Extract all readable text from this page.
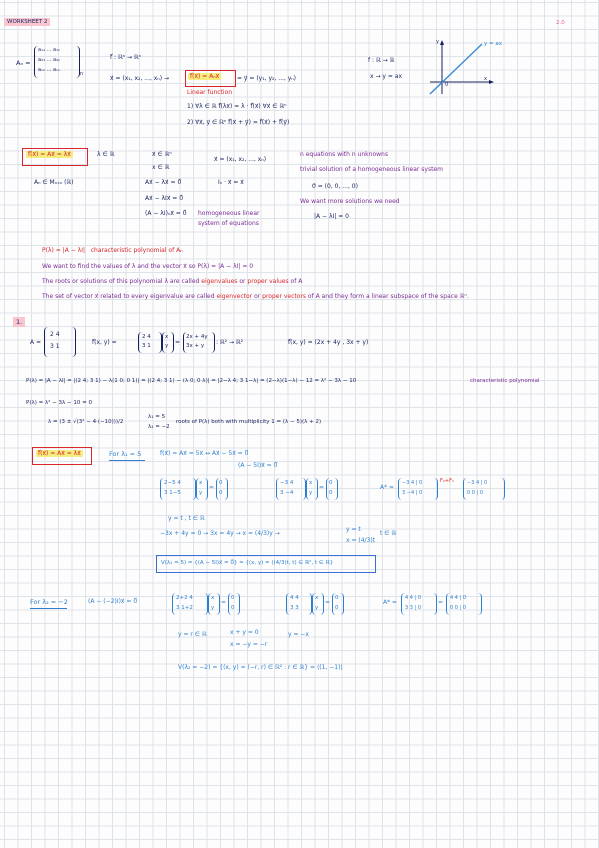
WORKSHEET 2	2.0
Aₙ =
a₁₁ ... a₁ₙ
a₂₁ ... a₂ₙ
aₙ₁ ... aₙₙ
n
f⃗ : ℝⁿ → ℝⁿ
x⃗ = (x₁, x₂, ..., xₙ) →	f⃗(x⃗) = Aₙx⃗	= y⃗ = (y₁, y₂, ..., yₙ)
Linear function
1) ∀λ ∈ ℝ f⃗(λx⃗) = λ · f⃗(x⃗) ∀x⃗ ∈ ℝⁿ
2) ∀x⃗, y⃗ ∈ ℝⁿ f⃗(x⃗ + y⃗) = f⃗(x⃗) + f⃗(y⃗)
f : ℝ → ℝ
x → y = ax
y
x
0
y = ax
f⃗(x⃗) = Ax⃗ = λx⃗	λ ∈ ℝ	x⃗ ∈ ℝⁿ
x ∈ ℝ
x⃗ = (x₁, x₂, ..., xₙ)
Aₙ ∈ Mₙₓₙ (ℝ)	Ax⃗ − λx⃗ = 0⃗	Iₙ · x⃗ = x⃗
Ax⃗ − λIx⃗ = 0⃗
(A − λI)ₙx⃗ = 0⃗ homogeneous linear
system of equations
n equations with n unknowns
trivial solution of a homogeneous linear system
0⃗ = (0, 0, ..., 0)
We want more solutions we need
|A − λI| = 0
P(λ) = |A − λI| characteristic polynomial of Aₙ
We want to find the values of λ and the vector x⃗ so P(λ) = |A − λI| = 0
The roots or solutions of this polynomial λ are called eigenvalues or proper values of A
The set of vector x⃗ related to every eigenvalue are called eigenvector or proper vectors of A and they form a linear subspace of the space ℝⁿ.
1.
A =
2 4
3 1
f⃗(x, y) =
2 4
3 1
x
y =
2x + 4y
3x + y : ℝ² → ℝ²	f⃗(x, y) = (2x + 4y , 3x + y)
P(λ) = |A − λI| = |(2 4; 3 1) − λ(1 0; 0 1)| = |(2 4; 3 1) − (λ 0; 0 λ)| = |2−λ 4; 3 1−λ| = (2−λ)(1−λ) − 12 = λ² − 3λ − 10	characteristic polynomial
P(λ) = λ² − 3λ − 10 = 0
λ = (3 ± √(3² − 4·(−10)))/2
λ₁ = 5
λ₂ = −2
roots of P(λ) both with multiplicity 1 = (λ − 5)(λ + 2)
f⃗(x⃗) = Ax⃗ = λx⃗	For λ₁ = 5	f(x⃗) = Ax⃗ = 5x⃗ ↔ Ax⃗ − 5x⃗ = 0⃗
(A − 5I)x⃗ = 0⃗
2−5 4
3 1−5
x
y
=
0
0
−3 4
3 −4
x
y
=
0
0
A* =
−3 4 | 0
3 −4 | 0
F₂+F₁	−3 4 | 0
0 0 | 0
y = t , t ∈ ℝ
−3x + 4y = 0 → 3x = 4y → x = (4/3)y →
y = t
x = (4/3)t
t ∈ ℝ
V(λ₁ = 5) = {(A − 5I)x⃗ = 0⃗} = {(x, y) = ((4/3)t, t) ∈ ℝ², t ∈ ℝ}
For λ₂ = −2	(A − (−2)I)x⃗ = 0⃗	2+2 4
3 1+2
x
y
=
0
0
4 4
3 3
x
y
=
0
0
A* =
4 4 | 0
3 3 | 0
=
4 4 | 0
0 0 | 0
y = r ∈ ℝ	x + y = 0
x = −y = −r
y = −x
V(λ₂ = −2) = {(x, y) = (−r, r) ∈ ℝ² : r ∈ ℝ} = ⟨(1, −1)⟩
